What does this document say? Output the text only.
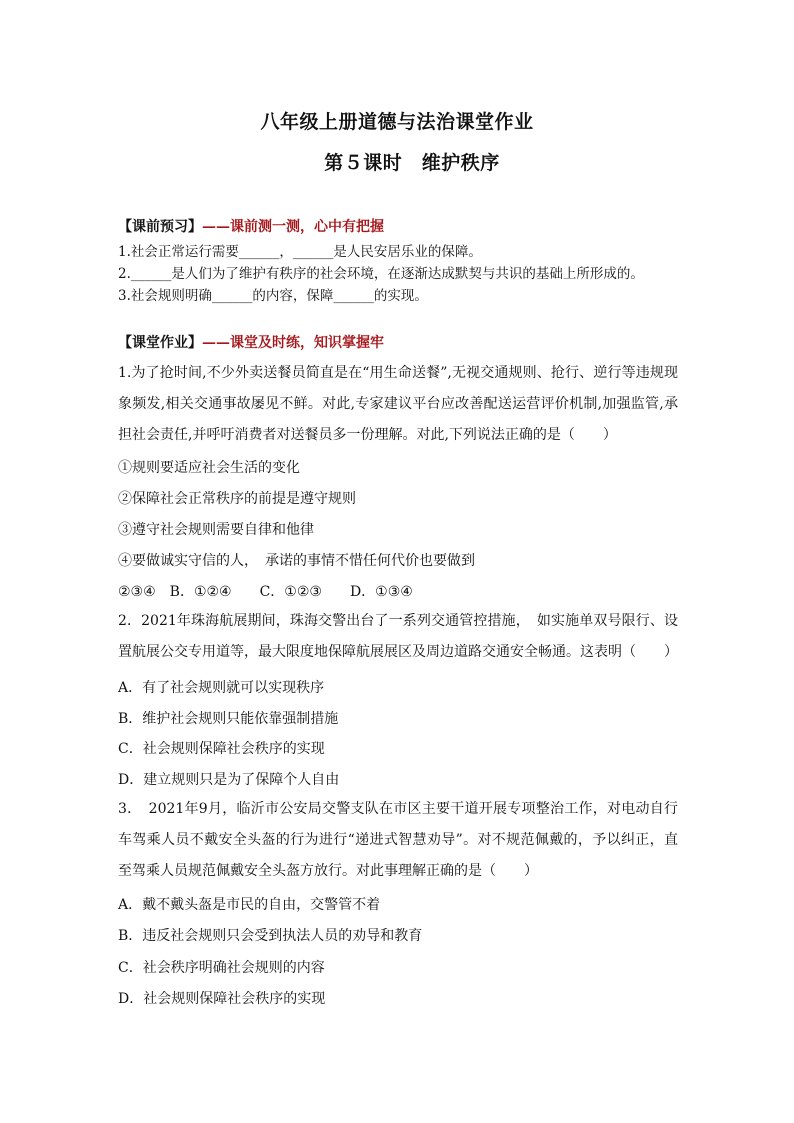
八年级上册道德与法治课堂作业
第５课时　维护秩序
【课前预习】——课前测一测，心中有把握
1.社会正常运行需要______，______是人民安居乐业的保障。
2.______是人们为了维护有秩序的社会环境，在逐渐达成默契与共识的基础上所形成的。
3.社会规则明确______的内容，保障______的实现。
【课堂作业】——课堂及时练，知识掌握牢
1.为了抢时间,不少外卖送餐员简直是在“用生命送餐”,无视交通规则、抢行、逆行等违规现象频发,相关交通事故屡见不鲜。对此,专家建议平台应改善配送运营评价机制,加强监管,承担社会责任,并呼吁消费者对送餐员多一份理解。对此,下列说法正确的是（　　）
①规则要适应社会生活的变化
②保障社会正常秩序的前提是遵守规则
③遵守社会规则需要自律和他律
④要做诚实守信的人，　承诺的事情不惜任何代价也要做到
②③④　B．①②④　　C．①②③　　D．①③④
2．2021年珠海航展期间，珠海交警出台了一系列交通管控措施，　如实施单双号限行、设置航展公交专用道等，最大限度地保障航展展区及周边道路交通安全畅通。这表明（　　）
A．有了社会规则就可以实现秩序
B．维护社会规则只能依靠强制措施
C．社会规则保障社会秩序的实现
D．建立规则只是为了保障个人自由
3．　2021年9月，临沂市公安局交警支队在市区主要干道开展专项整治工作，对电动自行车驾乘人员不戴安全头盔的行为进行“递进式智慧劝导”。对不规范佩戴的，予以纠正，直至驾乘人员规范佩戴安全头盔方放行。对此事理解正确的是（　　）
A．戴不戴头盔是市民的自由，交警管不着
B．违反社会规则只会受到执法人员的劝导和教育
C．社会秩序明确社会规则的内容
D．社会规则保障社会秩序的实现
